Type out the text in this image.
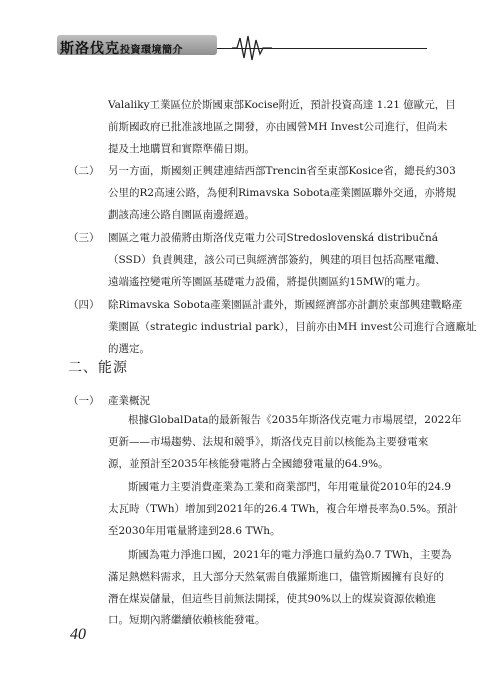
斯洛伐克投資環境簡介
Valaliky工業區位於斯國東部Kocise附近，預計投資高達 1.21 億歐元，目
前斯國政府已批准該地區之開發，亦由國營MH Invest公司進行，但尚未
提及土地購買和實際準備日期。
（二） 另一方面，斯國刻正興建連結西部Trencin省至東部Kosice省，總長約303
公里的R2高速公路，為便利Rimavska Sobota產業園區聯外交通，亦將規
劃該高速公路自園區南邊經過。
（三） 園區之電力設備將由斯洛伐克電力公司Stredoslovenská distribučná
（SSD）負責興建，該公司已與經濟部簽約，興建的項目包括高壓電纜、
遠端遙控變電所等園區基礎電力設備，將提供園區約15MW的電力。
（四） 除Rimavska Sobota產業園區計畫外，斯國經濟部亦計劃於東部興建戰略產
業園區（strategic industrial park），目前亦由MH invest公司進行合適廠址
的選定。
二、能源
（一） 產業概況
根據GlobalData的最新報告《2035年斯洛伐克電力市場展望，2022年
更新——市場趨勢、法規和競爭》，斯洛伐克目前以核能為主要發電來
源，並預計至2035年核能發電將占全國總發電量的64.9%。
斯國電力主要消費產業為工業和商業部門，年用電量從2010年的24.9
太瓦時（TWh）增加到2021年的26.4 TWh，複合年增長率為0.5%。預計
至2030年用電量將達到28.6 TWh。
斯國為電力淨進口國，2021年的電力淨進口量約為0.7 TWh，主要為
滿足熱燃料需求，且大部分天然氣需自俄羅斯進口，儘管斯國擁有良好的
潛在煤炭儲量，但這些目前無法開採，使其90%以上的煤炭資源依賴進
口。短期內將繼續依賴核能發電。
40
